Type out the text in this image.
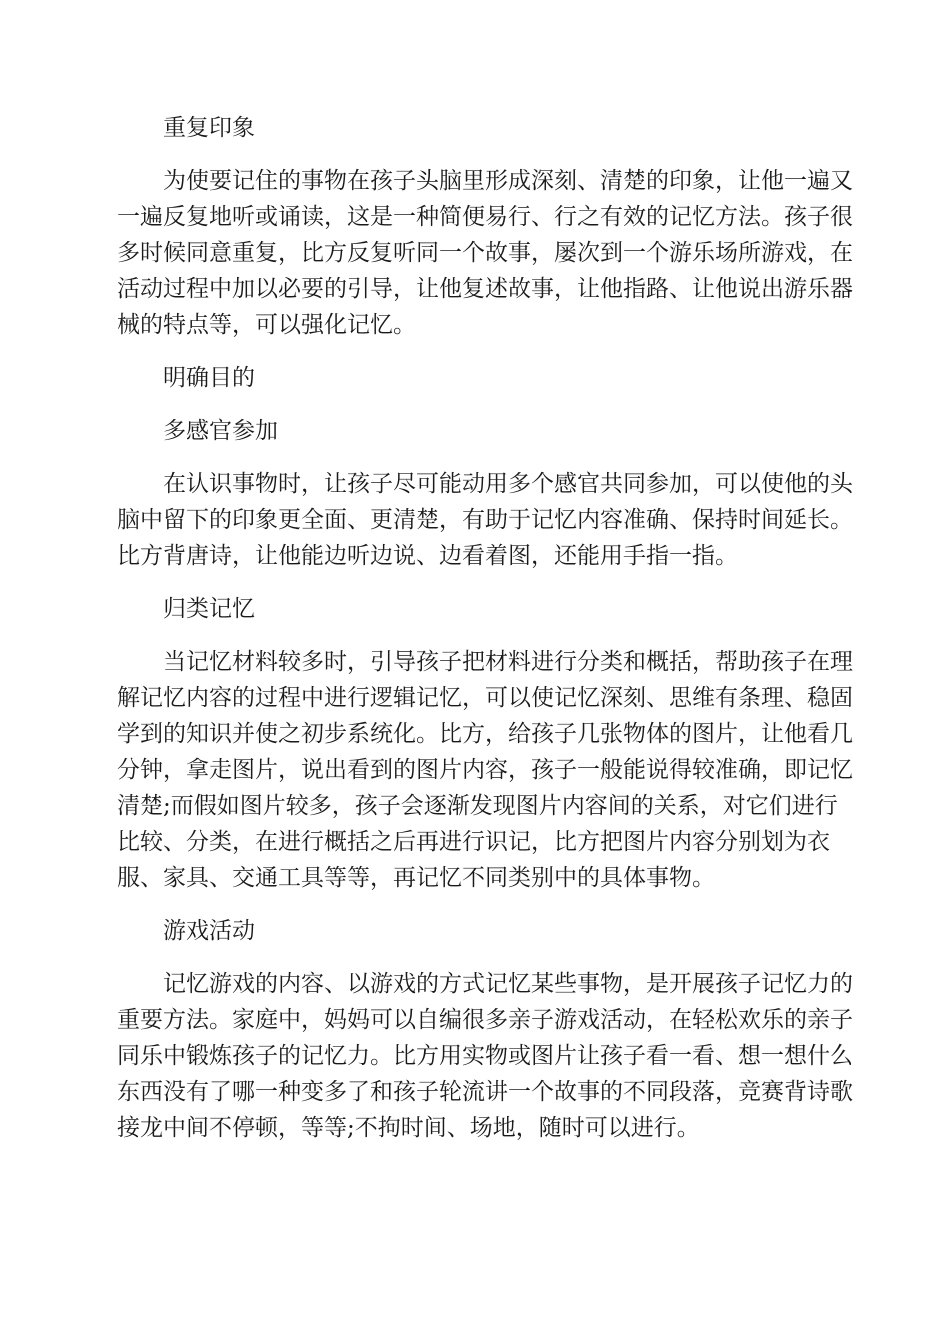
重复印象
为使要记住的事物在孩子头脑里形成深刻、清楚的印象，让他一遍又
一遍反复地听或诵读，这是一种简便易行、行之有效的记忆方法。孩子很
多时候同意重复，比方反复听同一个故事，屡次到一个游乐场所游戏，在
活动过程中加以必要的引导，让他复述故事，让他指路、让他说出游乐器
械的特点等，可以强化记忆。
明确目的
多感官参加
在认识事物时，让孩子尽可能动用多个感官共同参加，可以使他的头
脑中留下的印象更全面、更清楚，有助于记忆内容准确、保持时间延长。
比方背唐诗，让他能边听边说、边看着图，还能用手指一指。
归类记忆
当记忆材料较多时，引导孩子把材料进行分类和概括，帮助孩子在理
解记忆内容的过程中进行逻辑记忆，可以使记忆深刻、思维有条理、稳固
学到的知识并使之初步系统化。比方，给孩子几张物体的图片，让他看几
分钟，拿走图片，说出看到的图片内容，孩子一般能说得较准确，即记忆
清楚;而假如图片较多，孩子会逐渐发现图片内容间的关系，对它们进行
比较、分类，在进行概括之后再进行识记，比方把图片内容分别划为衣
服、家具、交通工具等等，再记忆不同类别中的具体事物。
游戏活动
记忆游戏的内容、以游戏的方式记忆某些事物，是开展孩子记忆力的
重要方法。家庭中，妈妈可以自编很多亲子游戏活动，在轻松欢乐的亲子
同乐中锻炼孩子的记忆力。比方用实物或图片让孩子看一看、想一想什么
东西没有了哪一种变多了和孩子轮流讲一个故事的不同段落，竞赛背诗歌
接龙中间不停顿，等等;不拘时间、场地，随时可以进行。
